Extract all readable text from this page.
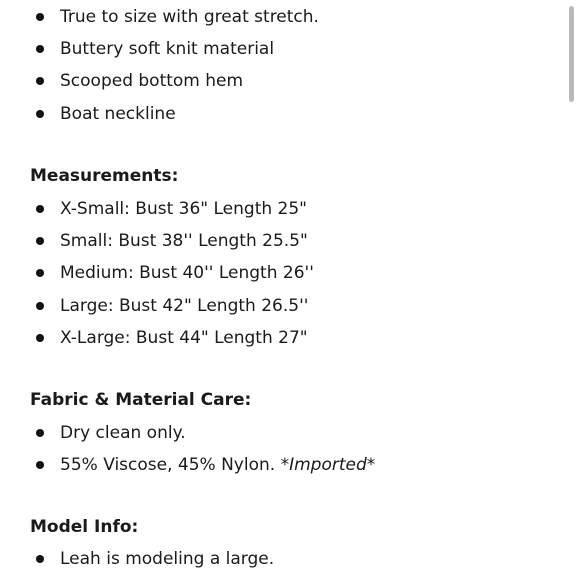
True to size with great stretch.
Buttery soft knit material
Scooped bottom hem
Boat neckline
Measurements:
X-Small: Bust 36" Length 25"
Small: Bust 38'' Length 25.5"
Medium: Bust 40'' Length 26''
Large: Bust 42" Length 26.5''
X-Large: Bust 44" Length 27"
Fabric & Material Care:
Dry clean only.
55% Viscose, 45% Nylon. *Imported*
Model Info:
Leah is modeling a large.
